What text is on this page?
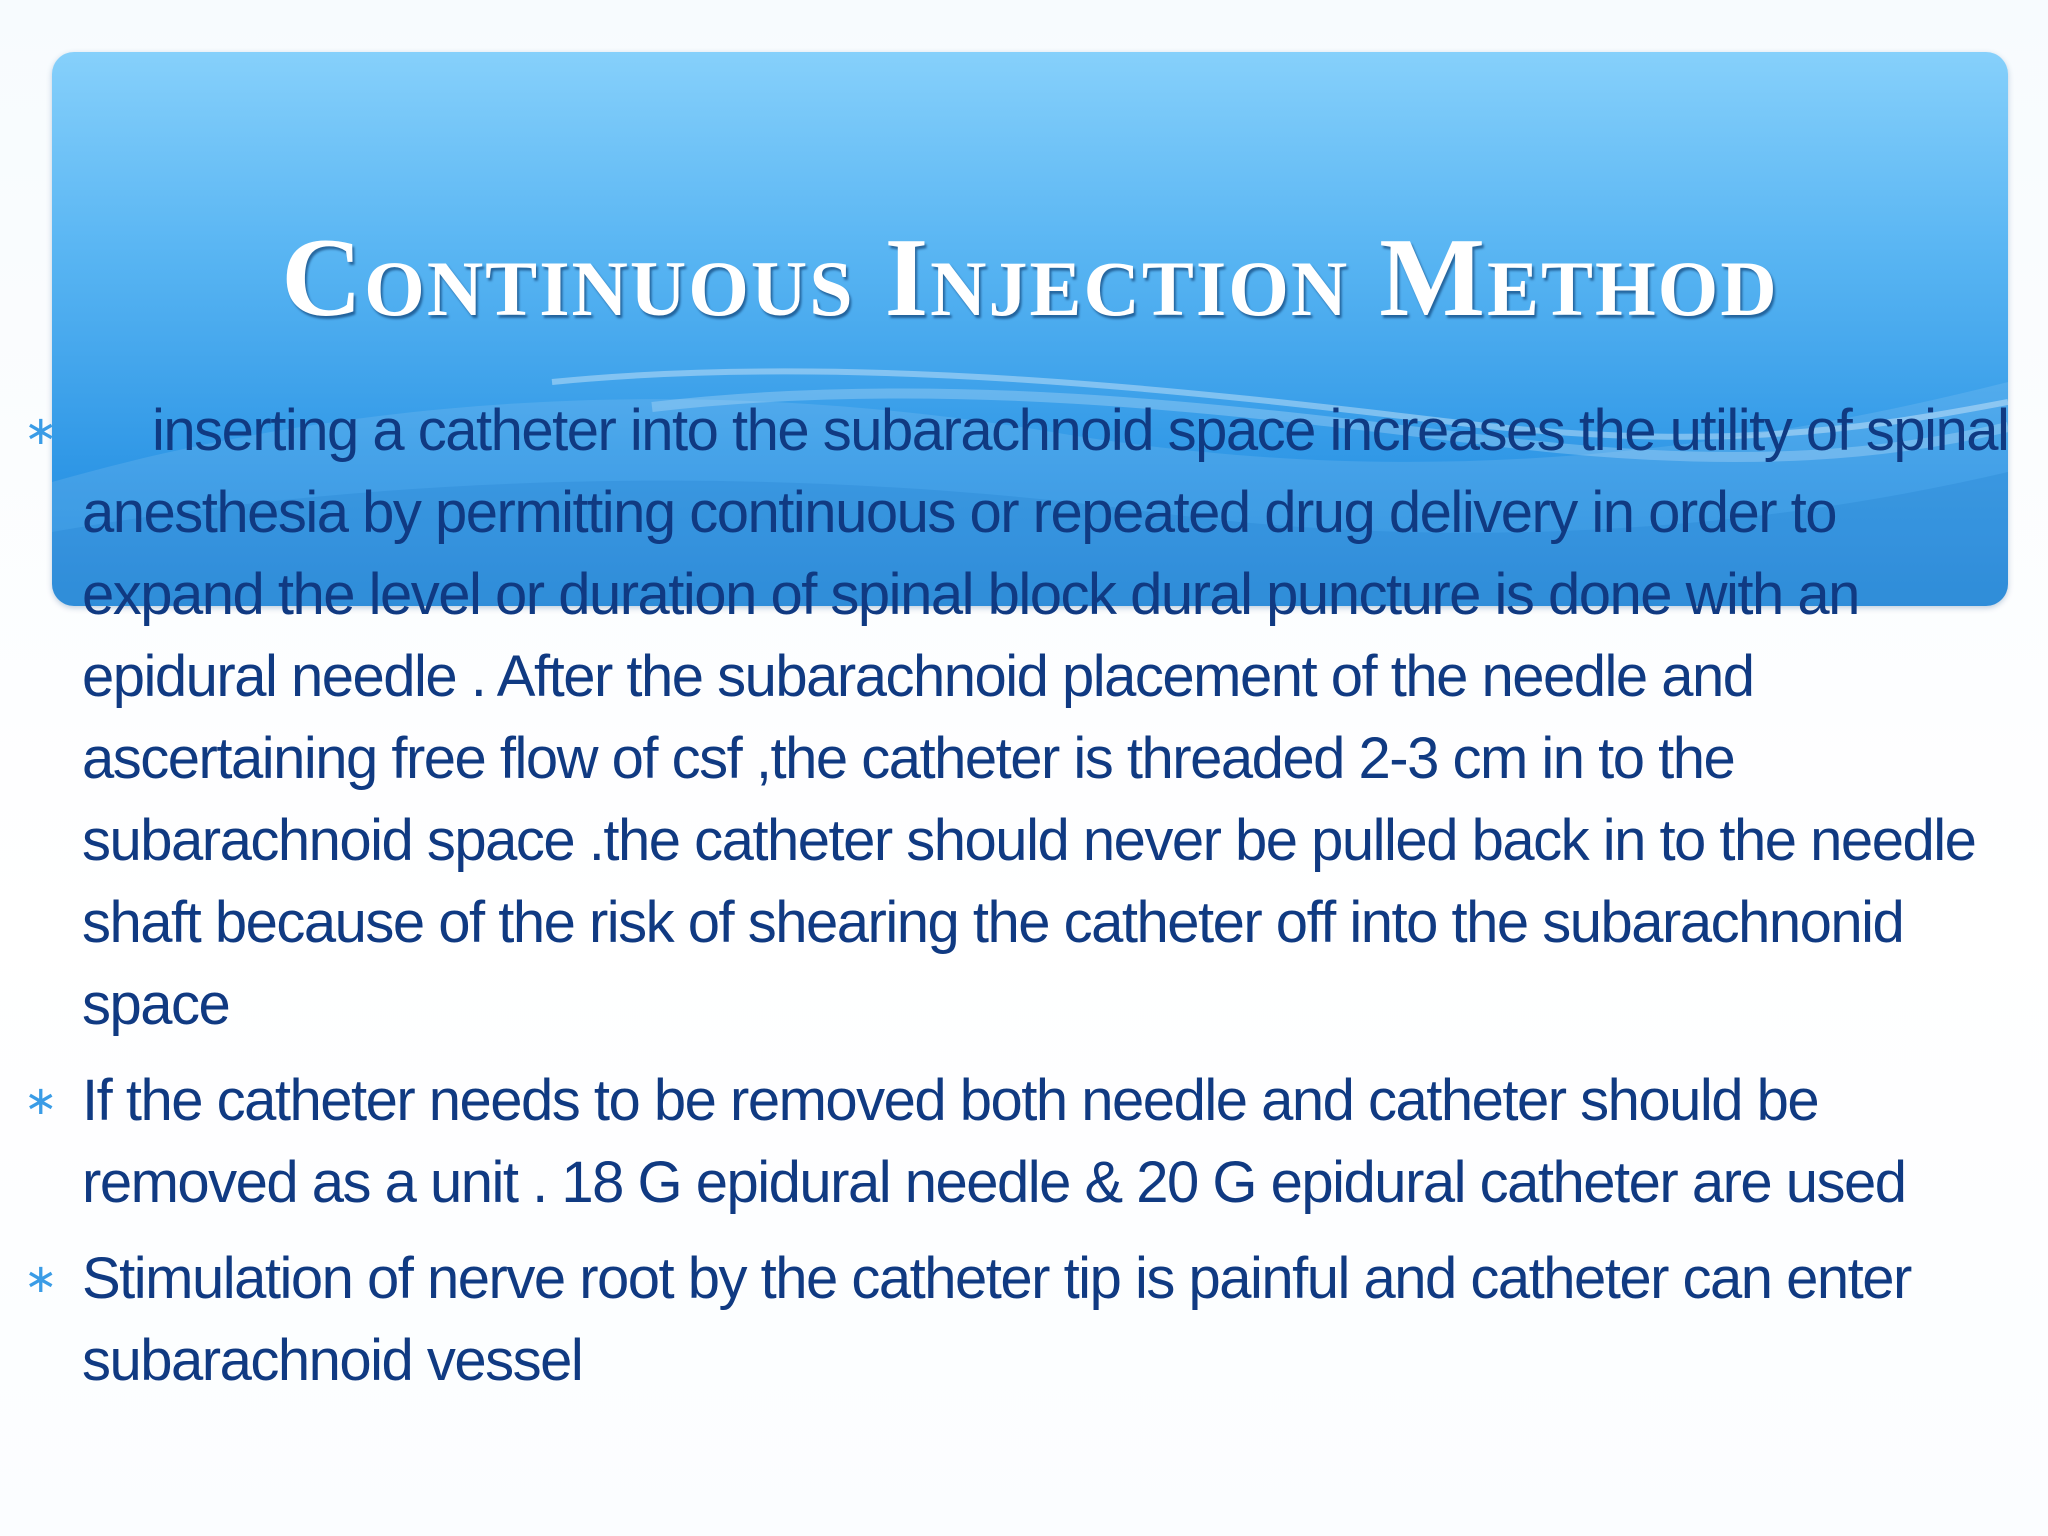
Continuous Injection Method
∗ inserting a catheter into the subarachnoid space increases the utility of spinal anesthesia by permitting continuous or repeated drug delivery in order to expand the level or duration of spinal block dural puncture is done with an epidural needle . After the subarachnoid placement of the needle and ascertaining free flow of csf ,the catheter is threaded 2-3 cm in to the subarachnoid space .the catheter should never be pulled back in to the needle shaft because of the risk of shearing the catheter off into the subarachnonid space
∗ If the catheter needs to be removed both needle and catheter should be removed as a unit . 18 G epidural needle & 20 G epidural catheter are used
∗ Stimulation of nerve root by the catheter tip is painful and catheter can enter subarachnoid vessel
